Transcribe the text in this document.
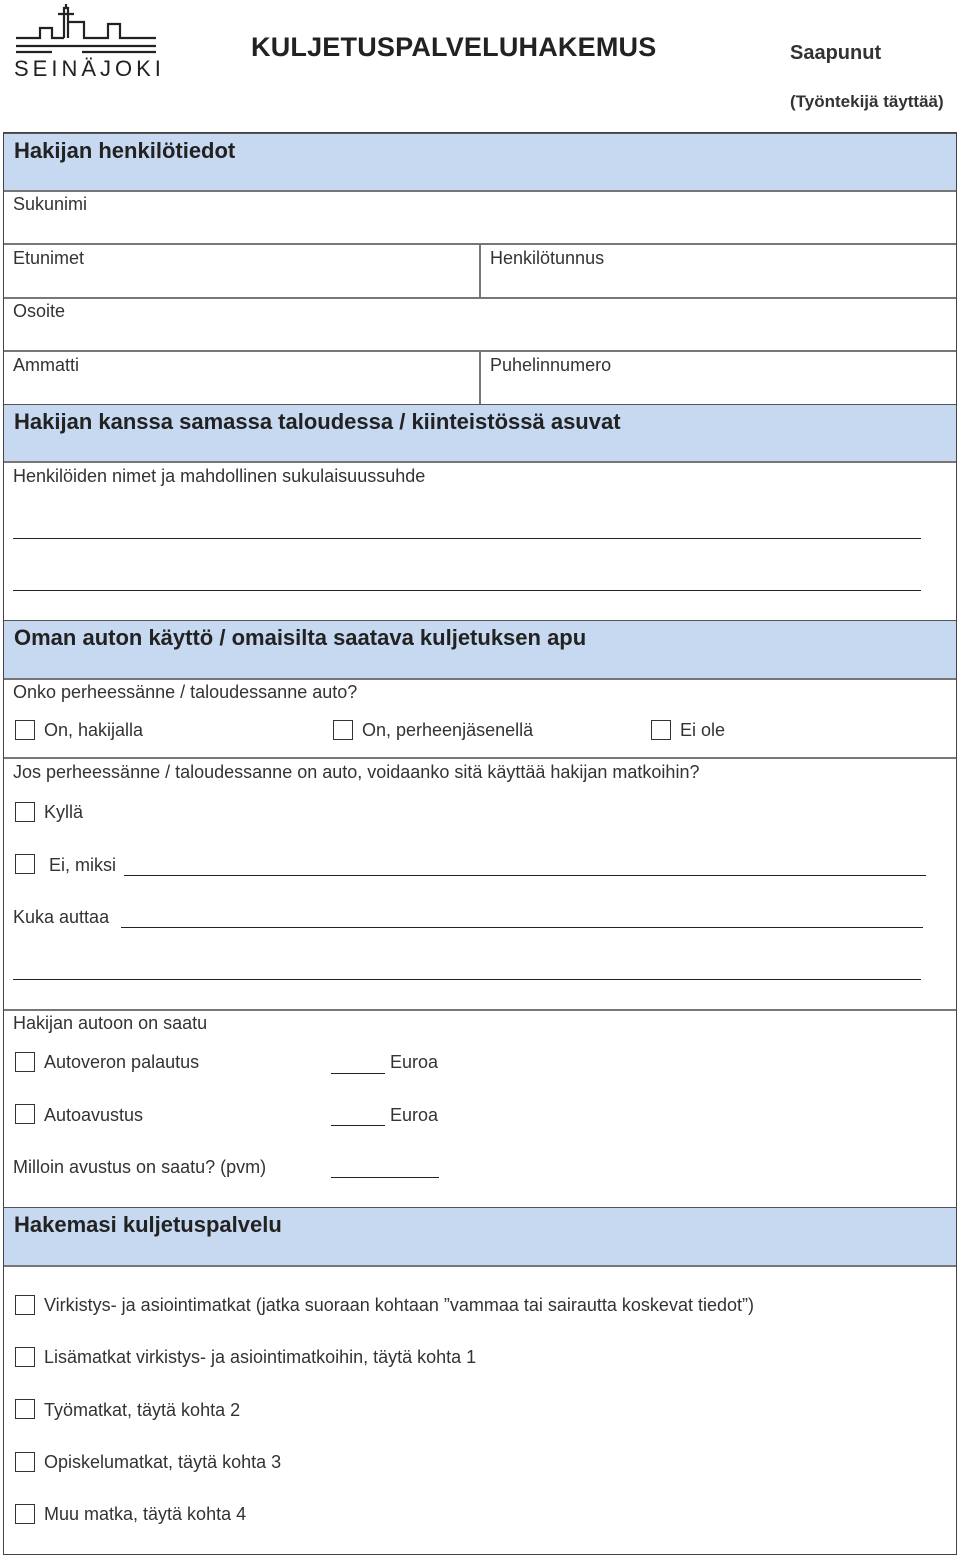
SEINÄJOKI
KULJETUSPALVELUHAKEMUS	Saapunut
(Työntekijä täyttää)
Hakijan henkilötiedot
Sukunimi
Etunimet	Henkilötunnus
Osoite
Ammatti	Puhelinnumero
Hakijan kanssa samassa taloudessa / kiinteistössä asuvat
Henkilöiden nimet ja mahdollinen sukulaisuussuhde
Oman auton käyttö / omaisilta saatava kuljetuksen apu
Onko perheessänne / taloudessanne auto?
On, hakijalla	On, perheenjäsenellä	Ei ole
Jos perheessänne / taloudessanne on auto, voidaanko sitä käyttää hakijan matkoihin?
Kyllä
Ei, miksi
Kuka auttaa
Hakijan autoon on saatu
Autoveron palautus	Euroa
Autoavustus	Euroa
Milloin avustus on saatu? (pvm)
Hakemasi kuljetuspalvelu
Virkistys- ja asiointimatkat (jatka suoraan kohtaan ”vammaa tai sairautta koskevat tiedot”)
Lisämatkat virkistys- ja asiointimatkoihin, täytä kohta 1
Työmatkat, täytä kohta 2
Opiskelumatkat, täytä kohta 3
Muu matka, täytä kohta 4
